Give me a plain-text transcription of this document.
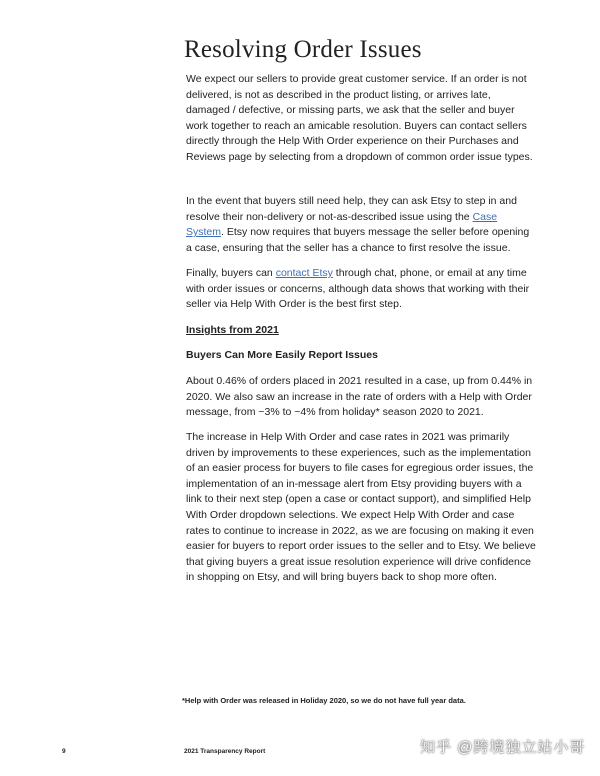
Resolving Order Issues

We expect our sellers to provide great customer service. If an order is not delivered, is not as described in the product listing, or arrives late, damaged / defective, or missing parts, we ask that the seller and buyer work together to reach an amicable resolution. Buyers can contact sellers directly through the Help With Order experience on their Purchases and Reviews page by selecting from a dropdown of common order issue types.

In the event that buyers still need help, they can ask Etsy to step in and resolve their non-delivery or not-as-described issue using the Case System. Etsy now requires that buyers message the seller before opening a case, ensuring that the seller has a chance to first resolve the issue.

Finally, buyers can contact Etsy through chat, phone, or email at any time with order issues or concerns, although data shows that working with their seller via Help With Order is the best first step.

Insights from 2021

Buyers Can More Easily Report Issues

About 0.46% of orders placed in 2021 resulted in a case, up from 0.44% in 2020. We also saw an increase in the rate of orders with a Help with Order message, from ~3% to ~4% from holiday* season 2020 to 2021.

The increase in Help With Order and case rates in 2021 was primarily driven by improvements to these experiences, such as the implementation of an easier process for buyers to file cases for egregious order issues, the implementation of an in-message alert from Etsy providing buyers with a link to their next step (open a case or contact support), and simplified Help With Order dropdown selections. We expect Help With Order and case rates to continue to increase in 2022, as we are focusing on making it even easier for buyers to report order issues to the seller and to Etsy. We believe that giving buyers a great issue resolution experience will drive confidence in shopping on Etsy, and will bring buyers back to shop more often.

*Help with Order was released in Holiday 2020, so we do not have full year data.

9	2021 Transparency Report	知乎 @跨境独立站小哥
